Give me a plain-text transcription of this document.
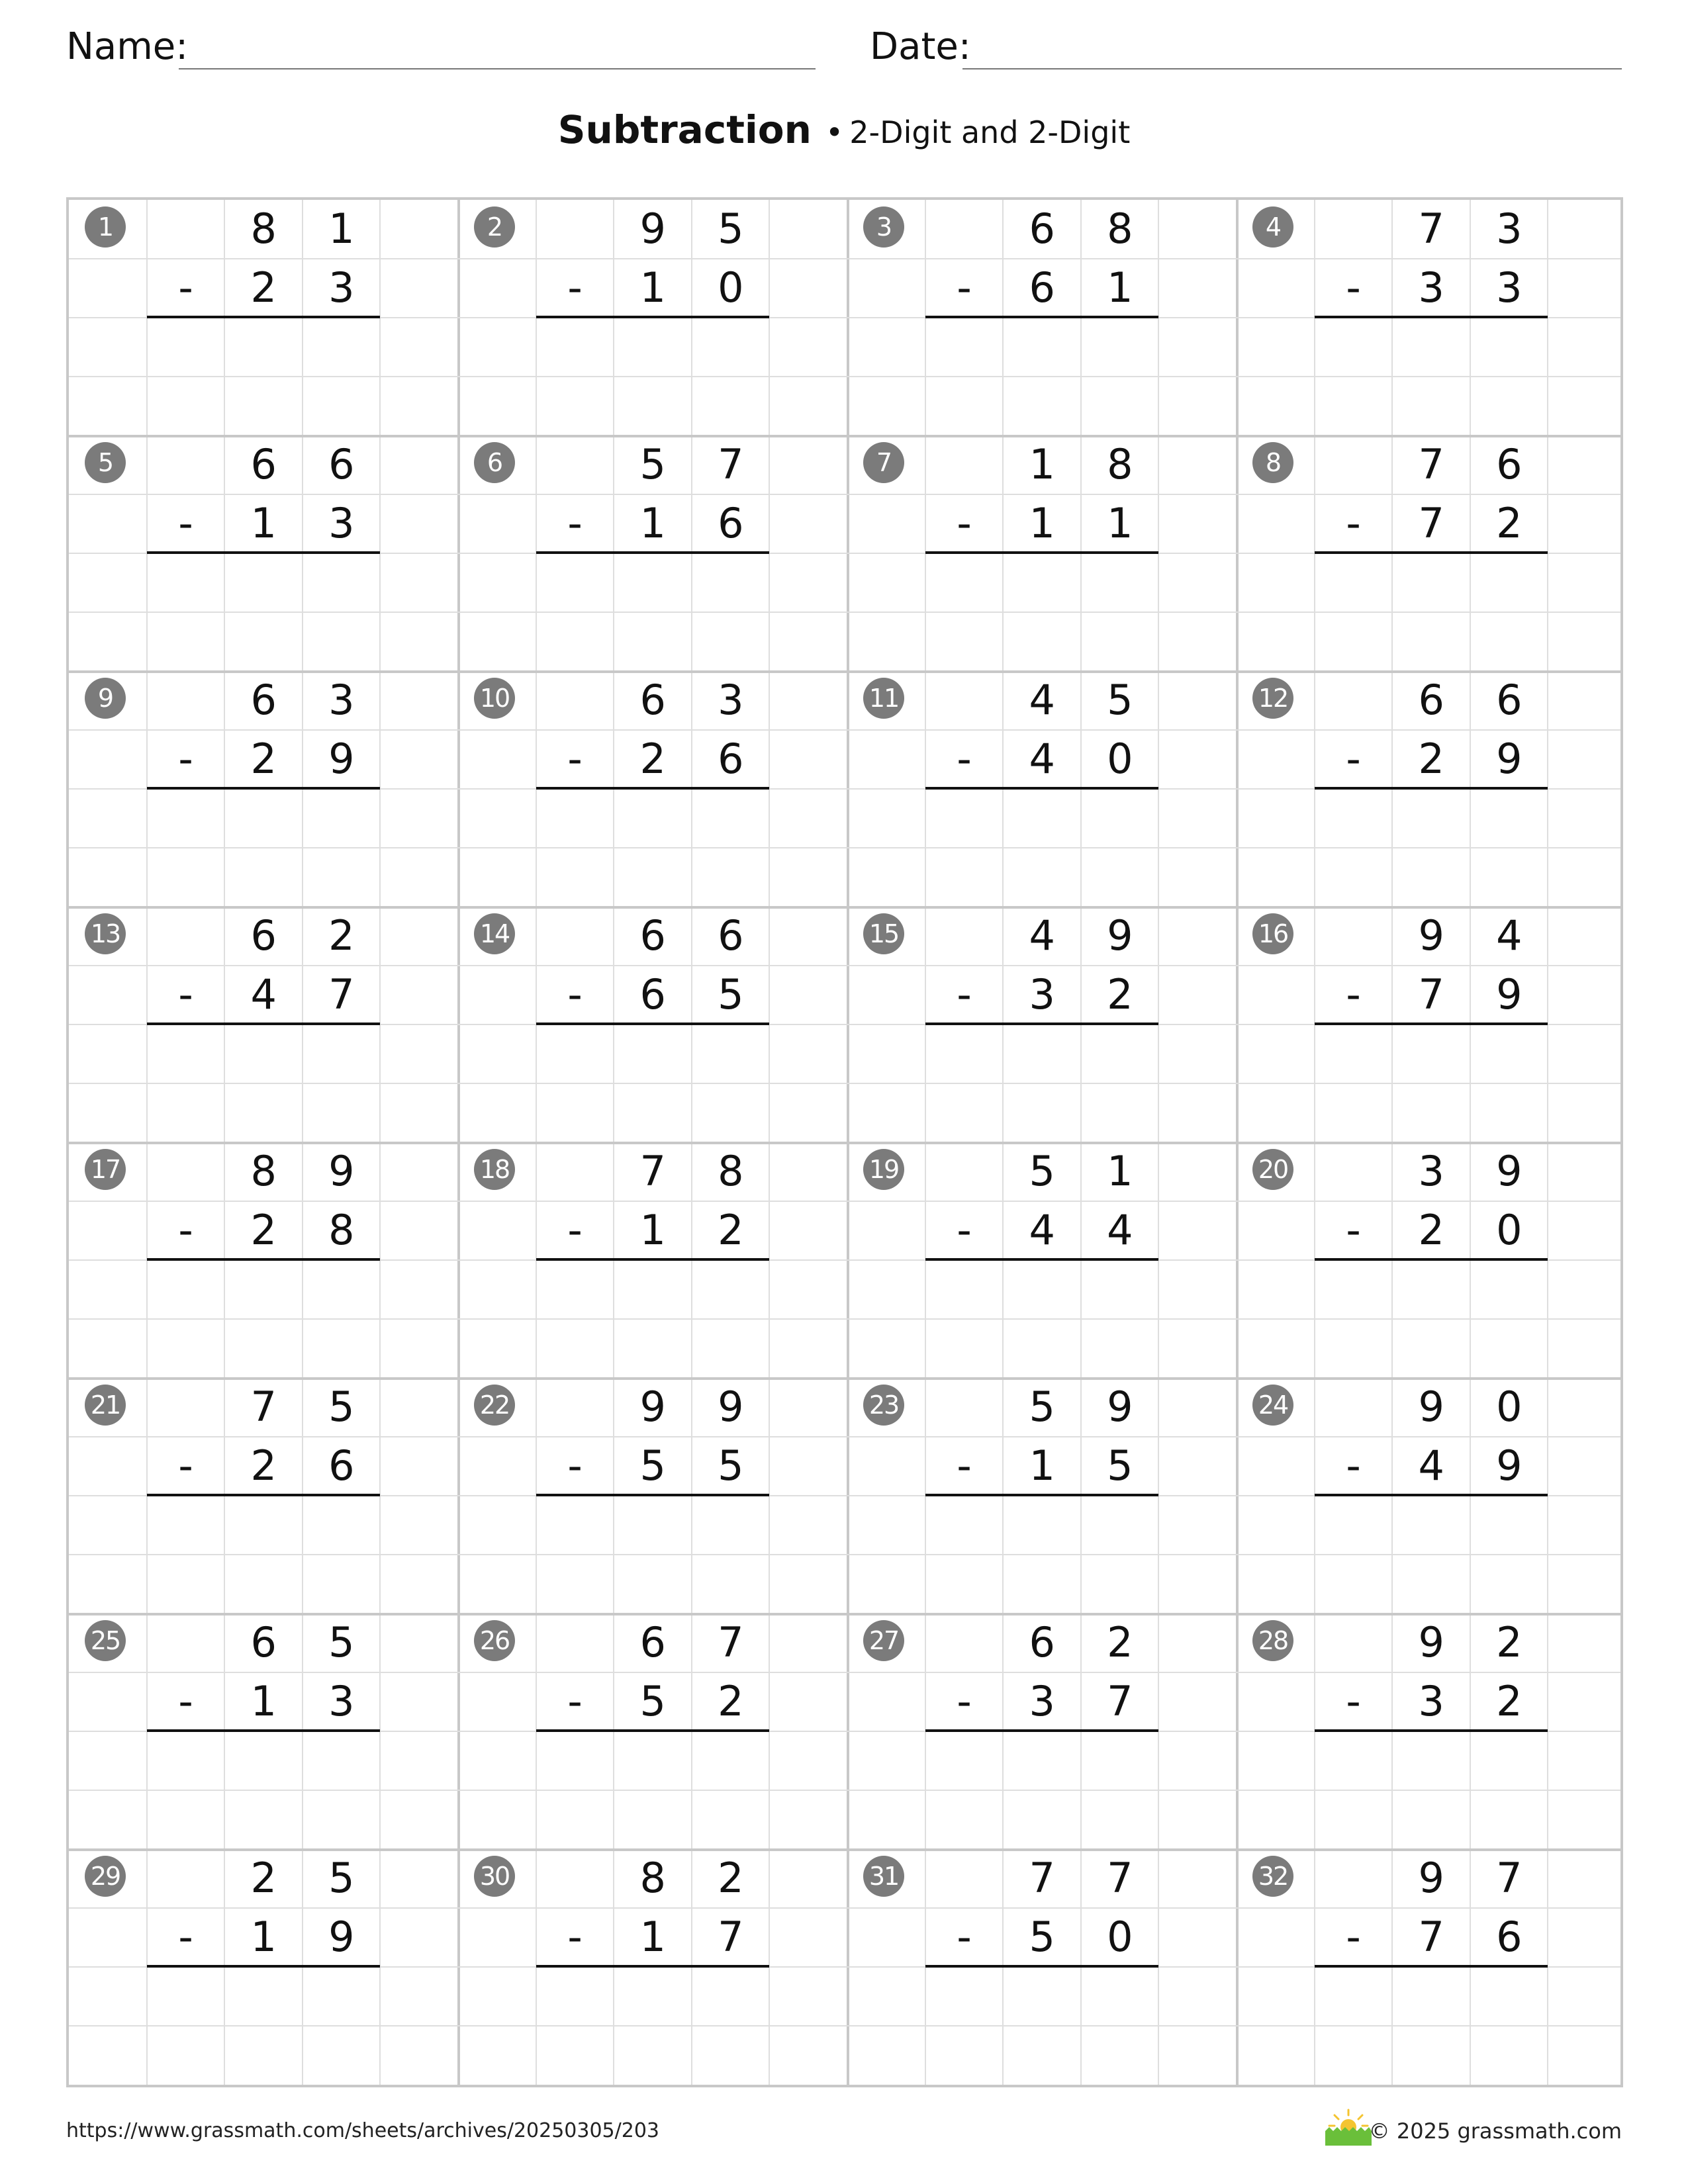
Name:	Date:
Subtraction • 2-Digit and 2-Digit
1	8	1
-	2	3
2	9	5
-	1	0
3	6	8
-	6	1
4	7	3
-	3	3
5	6	6
-	1	3
6	5	7
-	1	6
7	1	8
-	1	1
8	7	6
-	7	2
9	6	3
-	2	9
10	6	3
-	2	6
11	4	5
-	4	0
12	6	6
-	2	9
13	6	2
-	4	7
14	6	6
-	6	5
15	4	9
-	3	2
16	9	4
-	7	9
17	8	9
-	2	8
18	7	8
-	1	2
19	5	1
-	4	4
20	3	9
-	2	0
21	7	5
-	2	6
22	9	9
-	5	5
23	5	9
-	1	5
24	9	0
-	4	9
25	6	5
-	1	3
26	6	7
-	5	2
27	6	2
-	3	7
28	9	2
-	3	2
29	2	5
-	1	9
30	8	2
-	1	7
31	7	7
-	5	0
32	9	7
-	7	6
https://www.grassmath.com/sheets/archives/20250305/203	© 2025 grassmath.com
